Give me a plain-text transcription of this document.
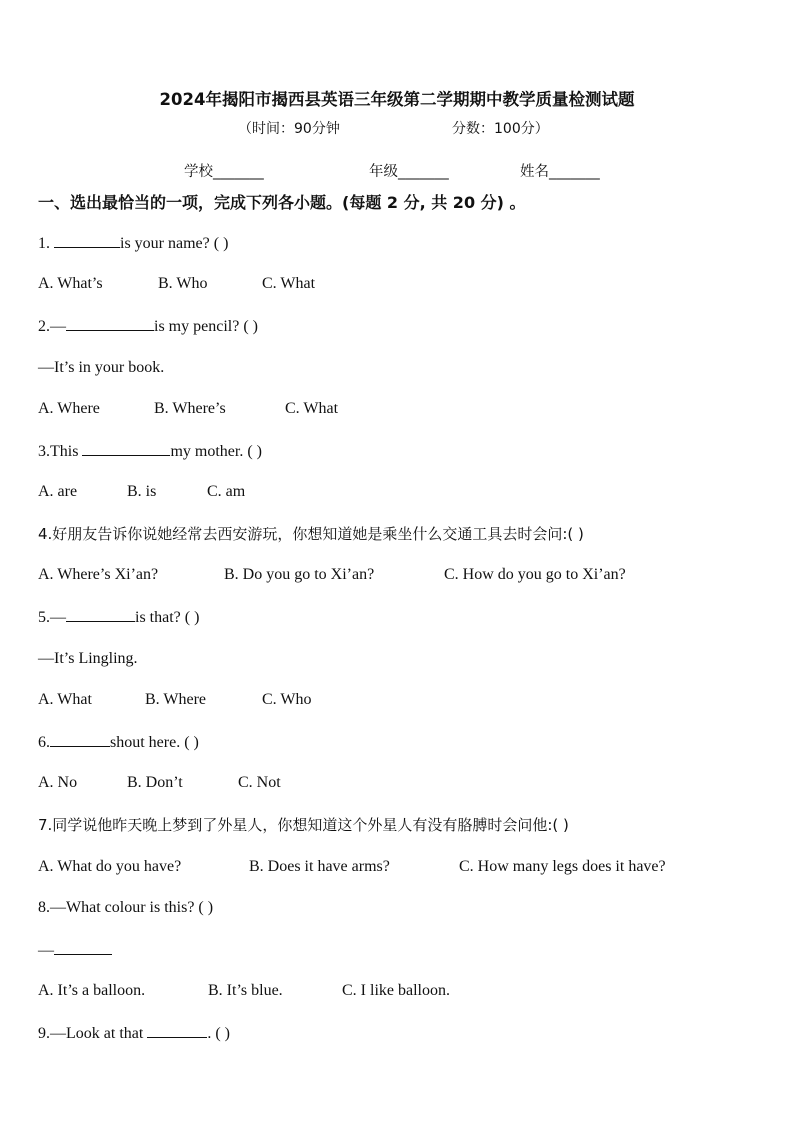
2024年揭阳市揭西县英语三年级第二学期期中教学质量检测试题
（时间：90分钟	分数：100分）
学校_______	年级_______	姓名_______
一、选出最恰当的一项，完成下列各小题。(每题 2 分, 共 20 分) 。
1.	is your name? ( )
A. What’s	B. Who	C. What
2.—	is my pencil? ( )
—It’s in your book.
A. Where	B. Where’s	C. What
3.This	my mother. ( )
A. are	B. is	C. am
4.好朋友告诉你说她经常去西安游玩，你想知道她是乘坐什么交通工具去时会问:( )
A. Where’s Xi’an?	B. Do you go to Xi’an?	C. How do you go to Xi’an?
5.—	is that? ( )
—It’s Lingling.
A. What	B. Where	C. Who
6.	shout here. ( )
A. No	B. Don’t	C. Not
7.同学说他昨天晚上梦到了外星人，你想知道这个外星人有没有胳膊时会问他:( )
A. What do you have?	B. Does it have arms?	C. How many legs does it have?
8.—What colour is this? ( )
—
A. It’s a balloon.	B. It’s blue.	C. I like balloon.
9.—Look at that	. ( )
